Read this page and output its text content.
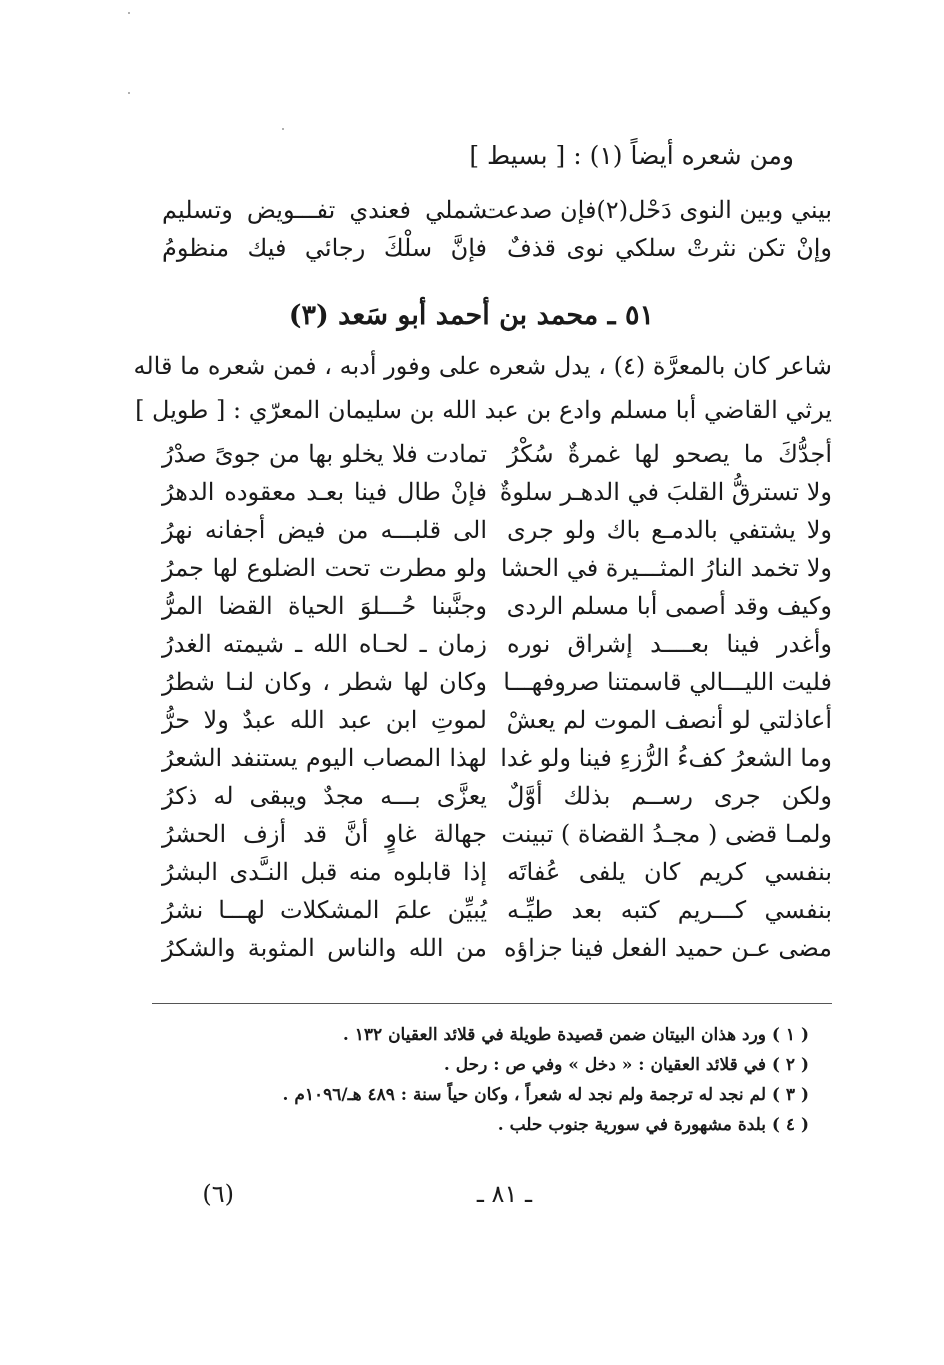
ومن شعره أيضاً (١) : [ بسيط ]
بيني وبين النوى دَحْل(٢)فإن صدعت
شملي فعندي تفـــويض وتسليم
وإنْ تكن نثرتْ سلكي نوى قذفٌ
فإنَّ سلْكَ رجائي فيك منظومُ
٥١ ـ محمد بن أحمد أبو سَعد (٣)
شاعر كان بالمعرَّة (٤) ، يدل شعره على وفور أدبه ، فمن شعره ما قاله
يرثي القاضي أبا مسلم وادع بن عبد الله بن سليمان المعرّي : [ طويل ]
أجدُّكَ ما يصحو لها غمرةٌ سُكْرُ
تمادت فلا يخلو بها من جوىً صدْرُ
ولا تسترقُّ القلبَ في الدهـر سلوةٌ
فإنْ طال فينا بعـد معقوده الدهرُ
ولا يشتفي بالدمـع باك ولو جرى
الى قلبـــه من فيض أجفانه نهرُ
ولا تخمد النارُ المثـــيرة في الحشا
ولو مطرت تحت الضلوع لها جمرُ
وكيف وقد أصمى أبا مسلم الردى
وجنَّبنا حُـــلوَ الحياة القضا المرُّ
وأغدر فينا بعــــد إشراق نوره
زمان ـ لحـاه الله ـ شيمته الغدرُ
فليت الليـــالي قاسمتنا صروفهـــا
وكان لها شطر ، وكان لنـا شطرُ
أعاذلتي لو أنصف الموت لم يعشْ
لموتِ ابن عبد الله عبدٌ ولا حرُّ
وما الشعرُ كفءُ الرُّزءِ فينا ولو غدا
لهذا المصاب اليوم يستنفد الشعرُ
ولكن جرى رســم بذلك أوَّلٌ
يعزَّى بـــه مجدٌ ويبقى له ذكرُ
ولمـا قضى ( مجـدُ القضاة ) تبينت
جهالة غاوٍ أنَّ قد أزف الحشرُ
بنفسي كريم كان يلفى عُفاتَه
إذا قابلوه منه قبل النـَّدى البشرُ
بنفسي كـــريم كتبه بعد طيِّـه
يُبيِّن علمَ المشكلات لهـــا نشرُ
مضى عـن حميد الفعل فينا جزاؤه
من الله والناس المثوبة والشكرُ
( ١ ) ورد هذان البيتان ضمن قصيدة طويلة في قلائد العقيان ١٣٢ .
( ٢ ) في قلائد العقيان : « دخل » وفي ص : رحل .
( ٣ ) لم نجد له ترجمة ولم نجد له شعراً ، وكان حياً سنة : ٤٨٩ هـ/١٠٩٦م .
( ٤ ) بلدة مشهورة في سورية جنوب حلب .
ـ ٨١ ـ
(٦)
